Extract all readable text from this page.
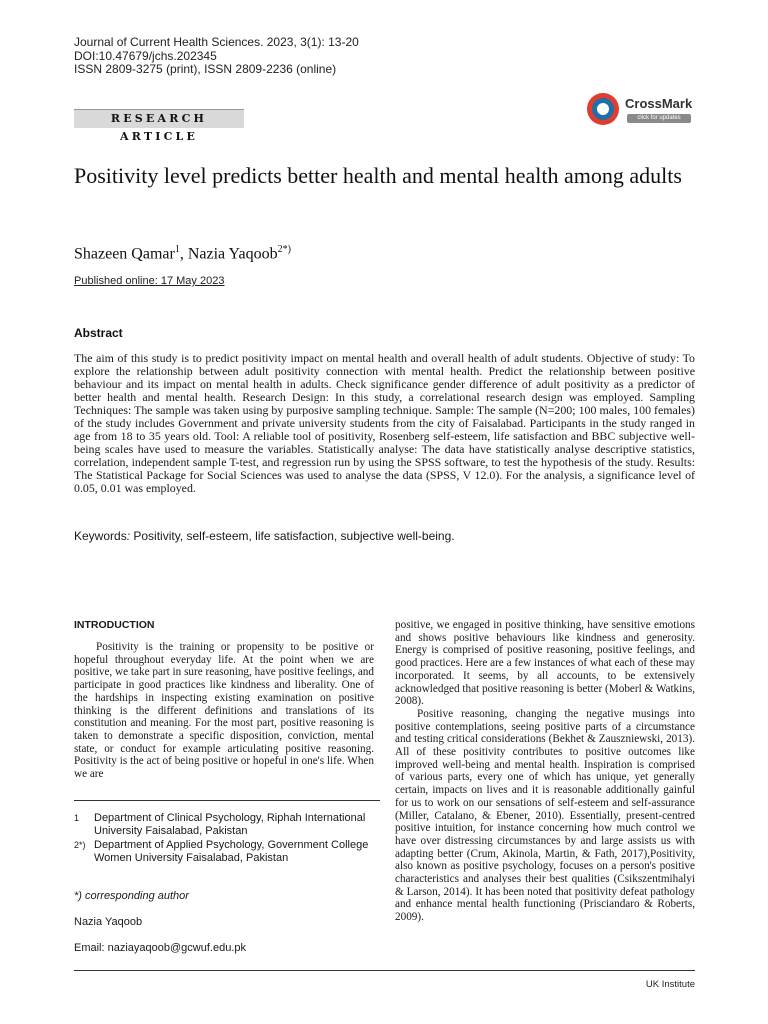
Journal of Current Health Sciences. 2023, 3(1): 13-20
DOI:10.47679/jchs.202345
ISSN 2809-3275 (print), ISSN 2809-2236 (online)
RESEARCH ARTICLE
CrossMark
click for updates
Positivity level predicts better health and mental health among adults
Shazeen Qamar$^1$, Nazia Yaqoob$^{2*)}$
Published online: 17 May 2023
Abstract

The aim of this study is to predict positivity impact on mental health and overall health of adult students. Objective of study: To explore the relationship between adult positivity connection with mental health. Predict the relationship between positive behaviour and its impact on mental health in adults. Check significance gender difference of adult positivity as a predictor of better health and mental health. Research Design: In this study, a correlational research design was employed. Sampling Techniques: The sample was taken using by purposive sampling technique. Sample: The sample (N=200; 100 males, 100 females) of the study includes Government and private university students from the city of Faisalabad. Participants in the study ranged in age from 18 to 35 years old. Tool: A reliable tool of positivity, Rosenberg self-esteem, life satisfaction and BBC subjective well-being scales have used to measure the variables. Statistically analyse: The data have statistically analyse descriptive statistics, correlation, independent sample T-test, and regression run by using the SPSS software, to test the hypothesis of the study. Results: The Statistical Package for Social Sciences was used to analyse the data (SPSS, V 12.0). For the analysis, a significance level of 0.05, 0.01 was employed.

Keywords: Positivity, self-esteem, life satisfaction, subjective well-being.
INTRODUCTION

Positivity is the training or propensity to be positive or hopeful throughout everyday life. At the point when we are positive, we take part in sure reasoning, have positive feelings, and participate in good practices like kindness and liberality. One of the hardships in inspecting existing examination on positive thinking is the different definitions and translations of its constitution and meaning. For the most part, positive reasoning is taken to demonstrate a specific disposition, conviction, mental state, or conduct for example articulating positive reasoning. Positivity is the act of being positive or hopeful in one's life. When we are

1 Department of Clinical Psychology, Riphah International University Faisalabad, Pakistan
2*) Department of Applied Psychology, Government College Women University Faisalabad, Pakistan
*) corresponding author
Nazia Yaqoob
Email: naziayaqoob@gcwuf.edu.pk

positive, we engaged in positive thinking, have sensitive emotions and shows positive behaviours like kindness and generosity. Energy is comprised of positive reasoning, positive feelings, and good practices. Here are a few instances of what each of these may incorporated. It seems, by all accounts, to be extensively acknowledged that positive reasoning is better (Moberl & Watkins, 2008).

Positive reasoning, changing the negative musings into positive contemplations, seeing positive parts of a circumstance and testing critical considerations (Bekhet & Zauszniewski, 2013). All of these positivity contributes to positive outcomes like improved well-being and mental health. Inspiration is comprised of various parts, every one of which has unique, yet generally certain, impacts on lives and it is reasonable additionally gainful for us to work on our sensations of self-esteem and self-assurance (Miller, Catalano, & Ebener, 2010). Essentially, present-centred positive intuition, for instance concerning how much control we have over distressing circumstances by and large assists us with adapting better (Crum, Akinola, Martin, & Fath, 2017),Positivity, also known as positive psychology, focuses on a person's positive characteristics and analyses their best qualities (Csikszentmihalyi & Larson, 2014). It has been noted that positivity defeat pathology and enhance mental health functioning (Prisciandaro & Roberts, 2009).

UK Institute
